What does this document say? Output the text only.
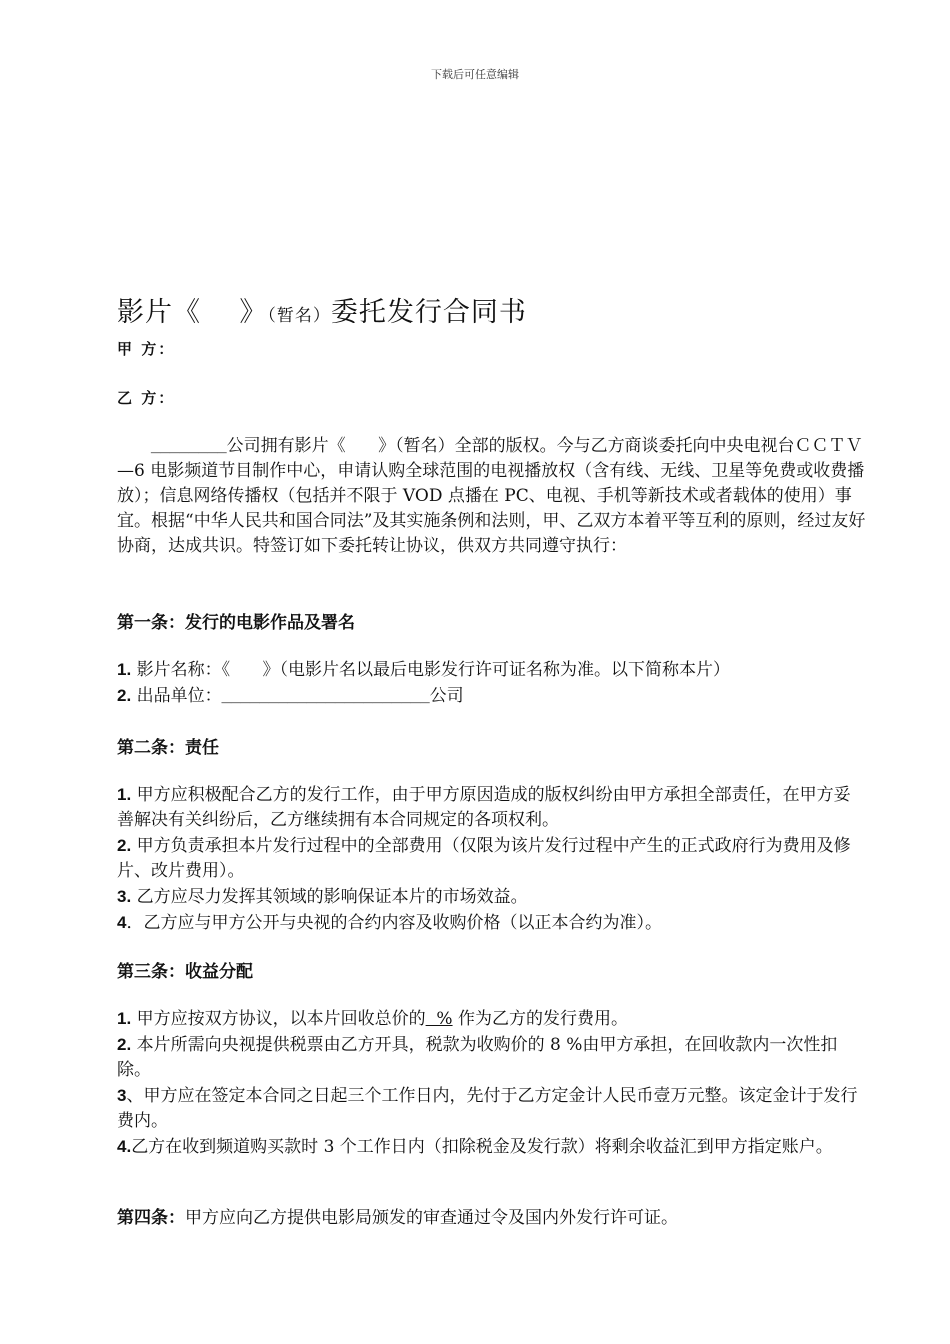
下载后可任意编辑
影片《 》（暂名）委托发行合同书
甲 方：
乙 方：
________公司拥有影片《      》（暂名）全部的版权。今与乙方商谈委托向中央电视台ＣＣＴＶ—6 电影频道节目制作中心，申请认购全球范围的电视播放权（含有线、无线、卫星等免费或收费播放）；信息网络传播权（包括并不限于 VOD 点播在 PC、电视、手机等新技术或者载体的使用）事宜。根据“中华人民共和国合同法”及其实施条例和法则，甲、乙双方本着平等互利的原则，经过友好协商，达成共识。特签订如下委托转让协议，供双方共同遵守执行：
第一条：发行的电影作品及署名
1. 影片名称：《      》（电影片名以最后电影发行许可证名称为准。以下简称本片）
2. 出品单位：______________________公司
第二条：责任
1. 甲方应积极配合乙方的发行工作，由于甲方原因造成的版权纠纷由甲方承担全部责任，在甲方妥善解决有关纠纷后，乙方继续拥有本合同规定的各项权利。
2. 甲方负责承担本片发行过程中的全部费用（仅限为该片发行过程中产生的正式政府行为费用及修片、改片费用）。
3. 乙方应尽力发挥其领域的影响保证本片的市场效益。
4．乙方应与甲方公开与央视的合约内容及收购价格（以正本合约为准）。
第三条：收益分配
1. 甲方应按双方协议，以本片回收总价的  % 作为乙方的发行费用。
2. 本片所需向央视提供税票由乙方开具，税款为收购价的 8 %由甲方承担，在回收款内一次性扣除。
3、甲方应在签定本合同之日起三个工作日内，先付于乙方定金计人民币壹万元整。该定金计于发行费内。
4.乙方在收到频道购买款时 3 个工作日内（扣除税金及发行款）将剩余收益汇到甲方指定账户。
第四条：甲方应向乙方提供电影局颁发的审查通过令及国内外发行许可证。
